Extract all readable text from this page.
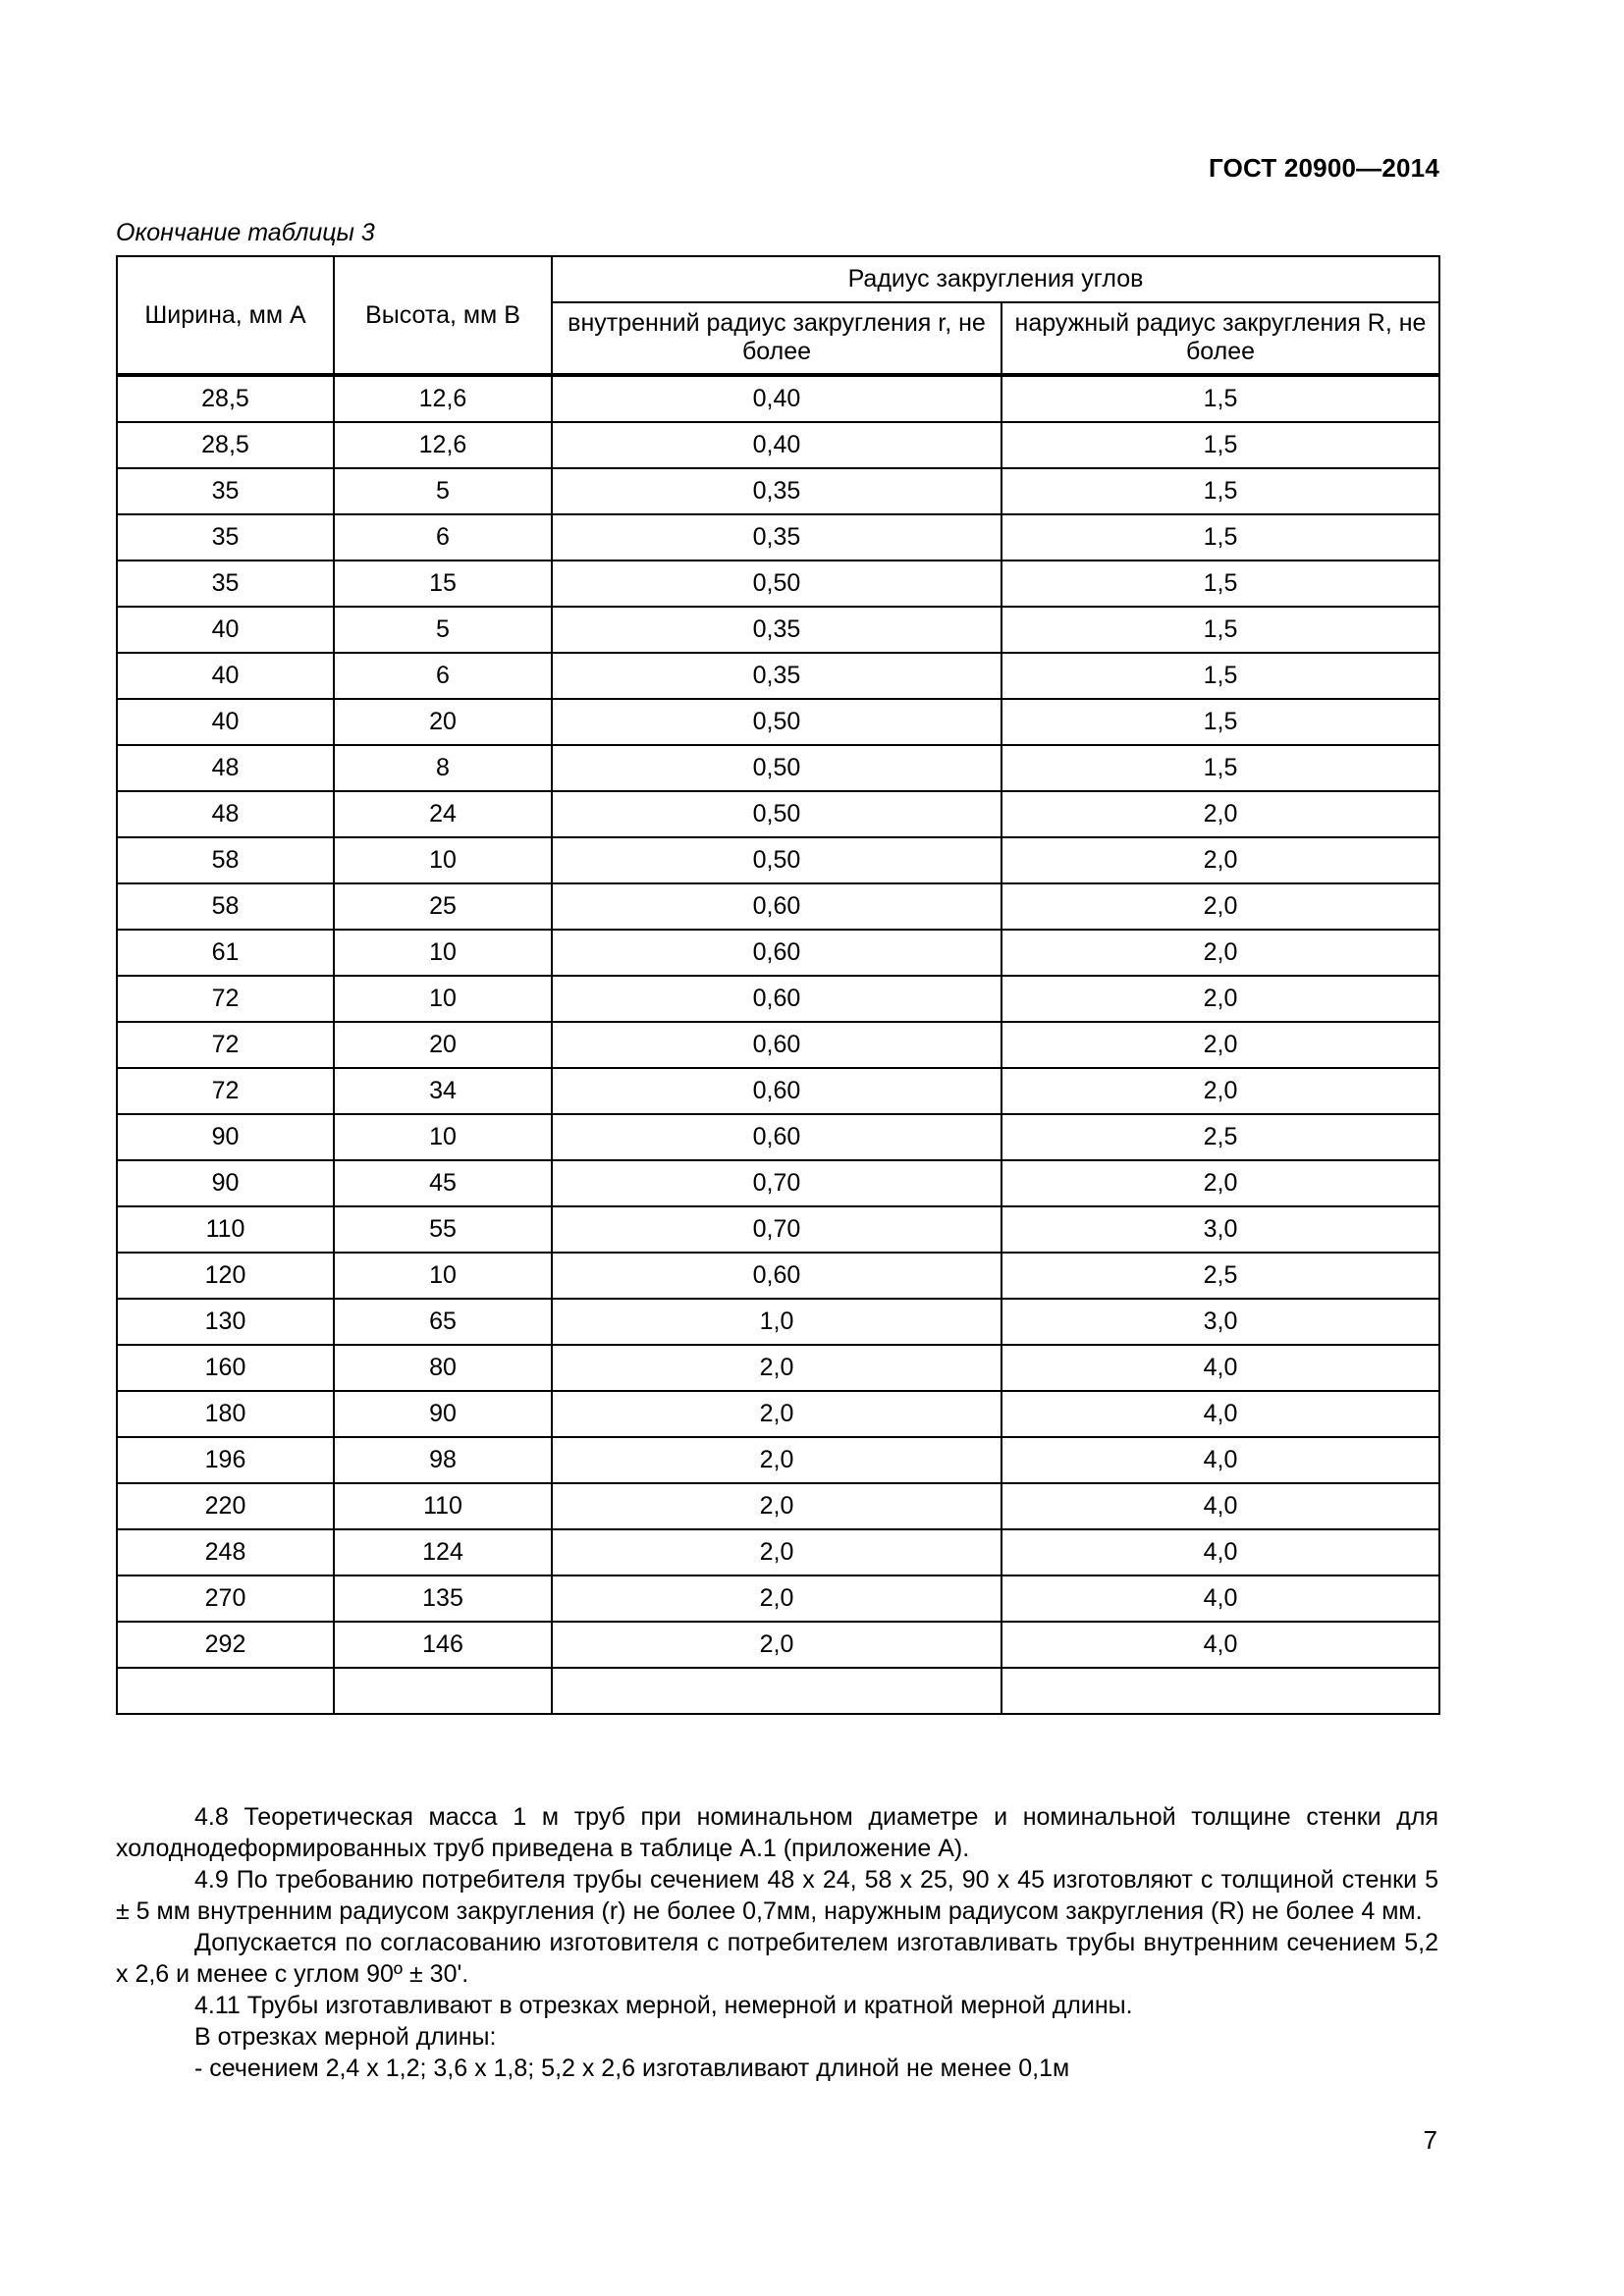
ГОСТ 20900—2014
Окончание таблицы 3
Ширина, мм А	Высота, мм В	Радиус закругления углов	
		внутренний радиус закругления r, не более	наружный радиус закругления R, не более
28,5	12,6	0,40	1,5
28,5	12,6	0,40	1,5
35	5	0,35	1,5
35	6	0,35	1,5
35	15	0,50	1,5
40	5	0,35	1,5
40	6	0,35	1,5
40	20	0,50	1,5
48	8	0,50	1,5
48	24	0,50	2,0
58	10	0,50	2,0
58	25	0,60	2,0
61	10	0,60	2,0
72	10	0,60	2,0
72	20	0,60	2,0
72	34	0,60	2,0
90	10	0,60	2,5
90	45	0,70	2,0
110	55	0,70	3,0
120	10	0,60	2,5
130	65	1,0	3,0
160	80	2,0	4,0
180	90	2,0	4,0
196	98	2,0	4,0
220	110	2,0	4,0
248	124	2,0	4,0
270	135	2,0	4,0
292	146	2,0	4,0

4.8 Теоретическая масса 1 м труб при номинальном диаметре и номинальной толщине стенки для холоднодеформированных труб приведена в таблице А.1 (приложение А).

4.9 По требованию потребителя трубы сечением 48 х 24, 58 х 25, 90 х 45 изготовляют с толщиной стенки 5 ± 5 мм внутренним радиусом закругления (r) не более 0,7мм, наружным радиусом закругления (R) не более 4 мм.

Допускается по согласованию изготовителя с потребителем изготавливать трубы внутренним сечением 5,2 х 2,6 и менее с углом 90º ± 30'.

4.11 Трубы изготавливают в отрезках мерной, немерной и кратной мерной длины.

В отрезках мерной длины:

- сечением 2,4 х 1,2; 3,6 х 1,8; 5,2 х 2,6 изготавливают длиной не менее 0,1м

7
